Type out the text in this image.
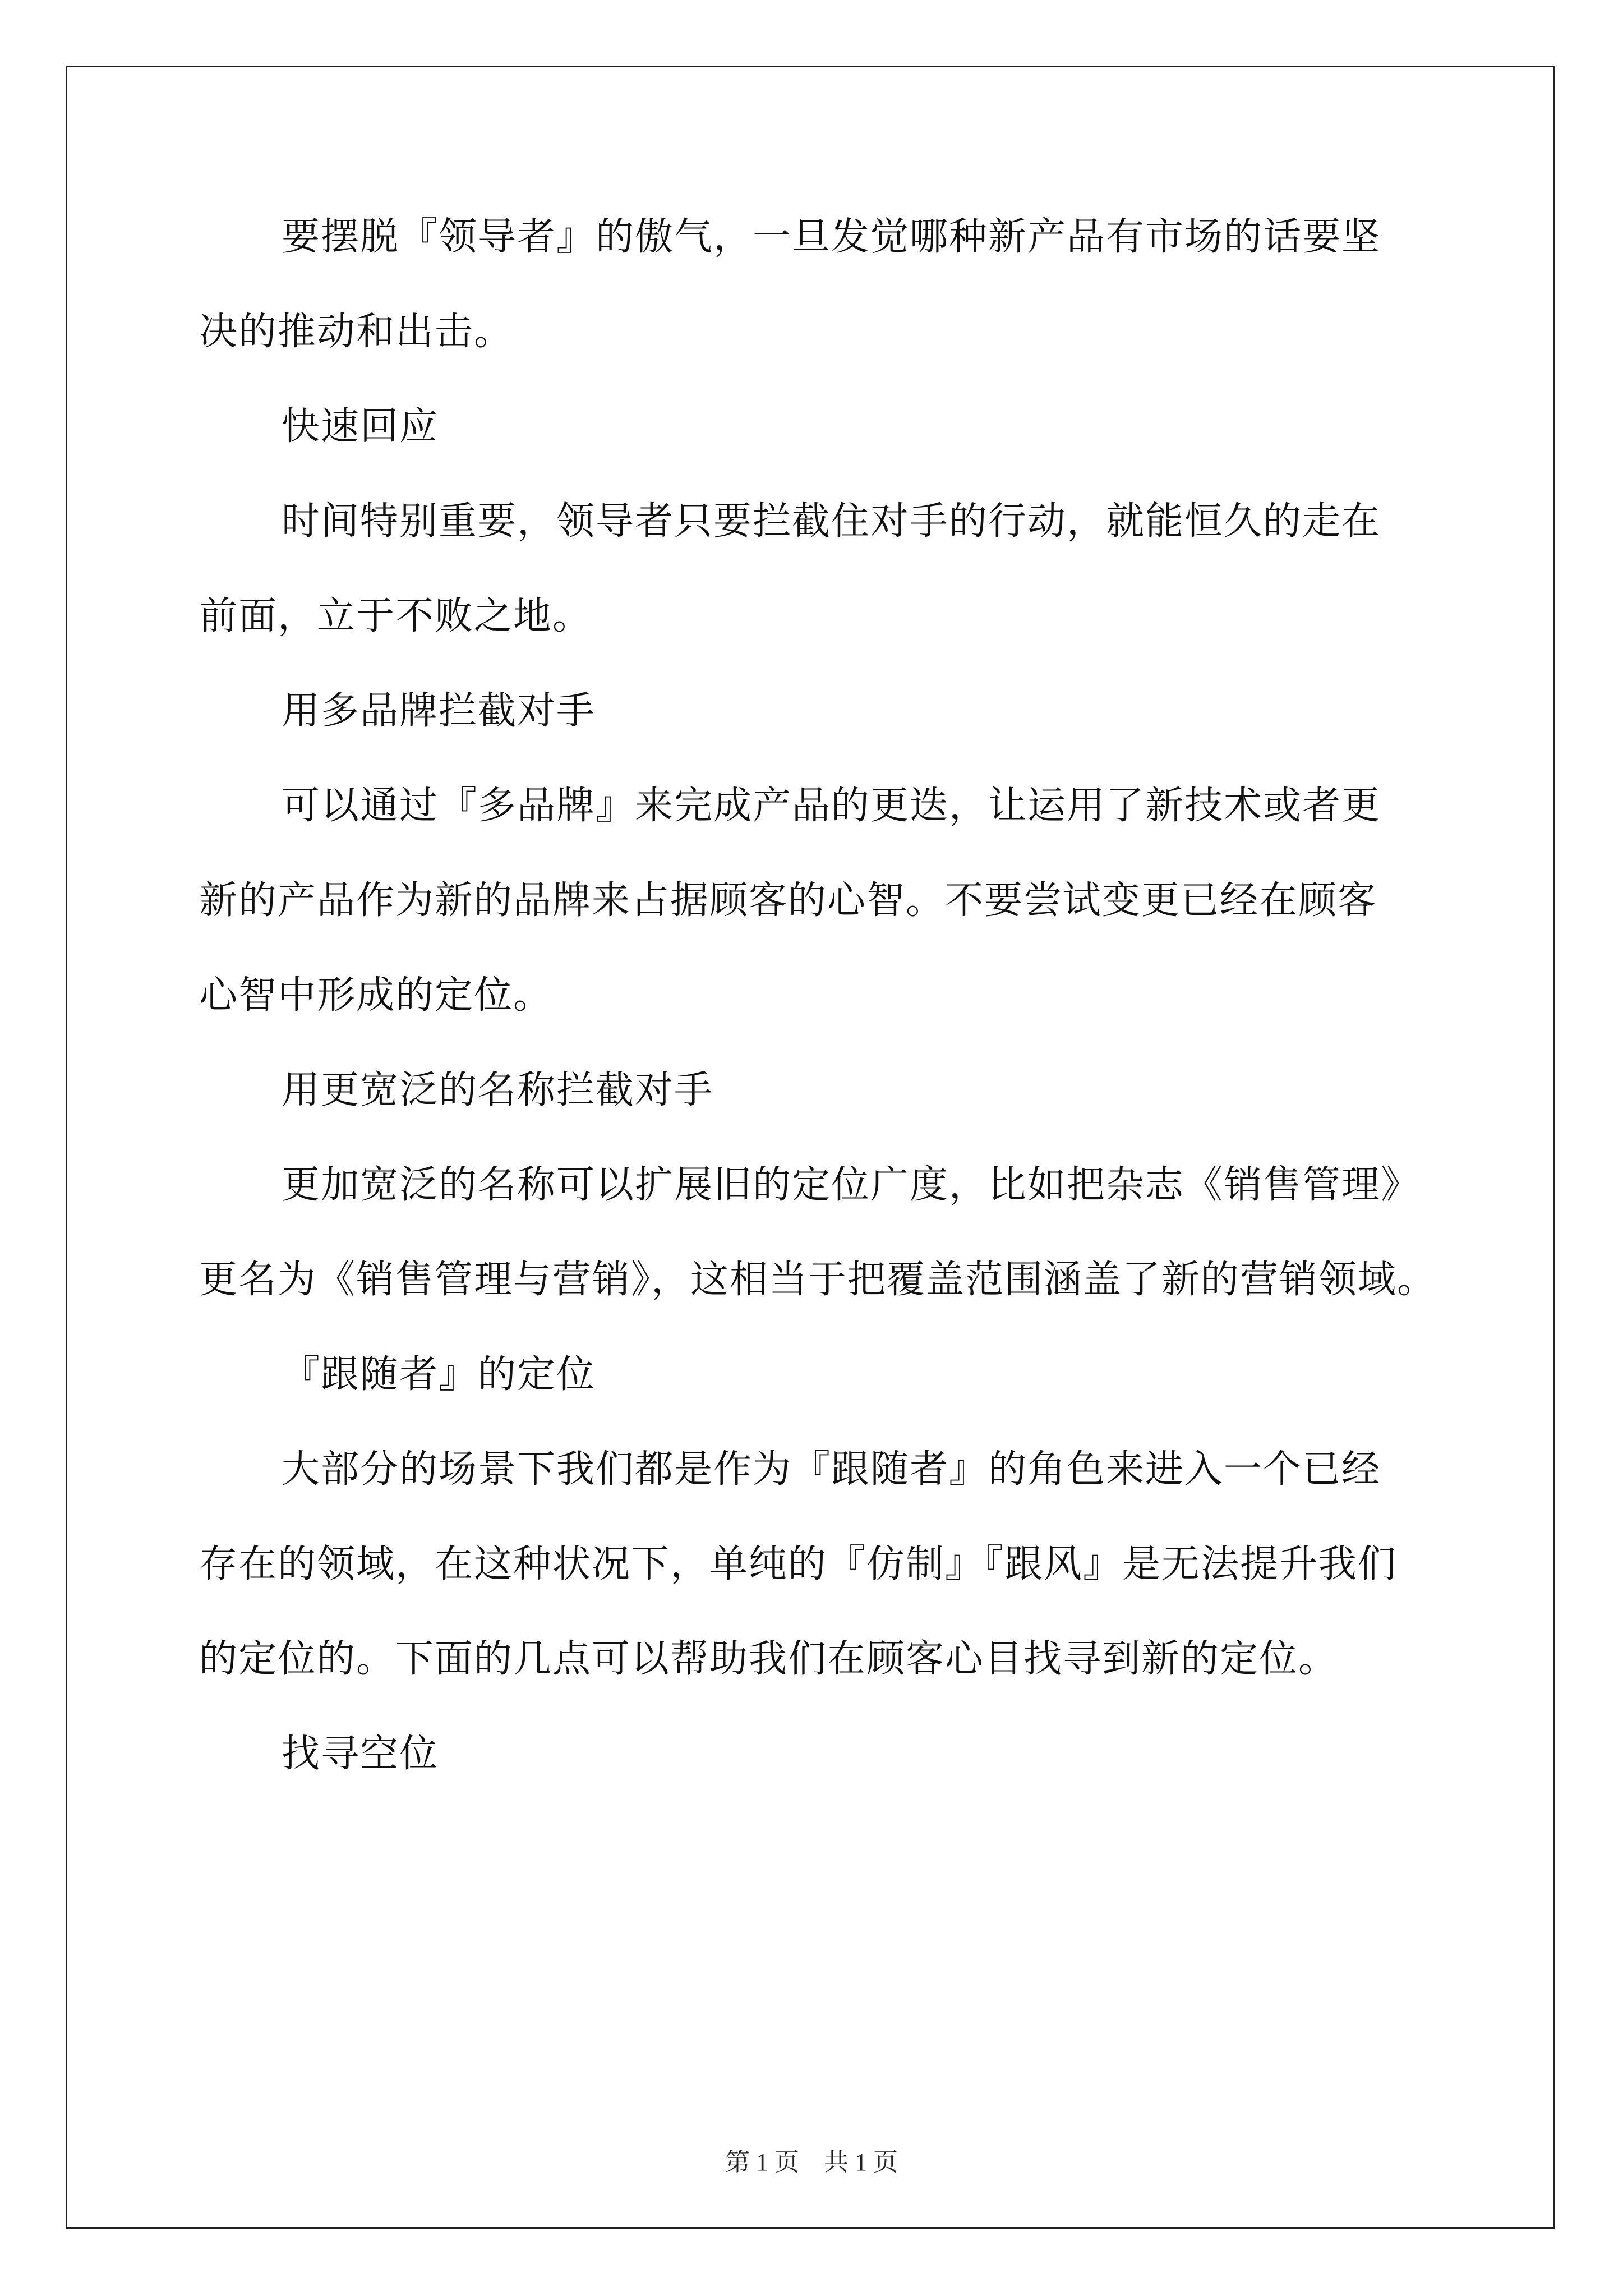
要摆脱『领导者』的傲气，一旦发觉哪种新产品有市场的话要坚
决的推动和出击。
快速回应
时间特别重要，领导者只要拦截住对手的行动，就能恒久的走在
前面，立于不败之地。
用多品牌拦截对手
可以通过『多品牌』来完成产品的更迭，让运用了新技术或者更
新的产品作为新的品牌来占据顾客的心智。不要尝试变更已经在顾客
心智中形成的定位。
用更宽泛的名称拦截对手
更加宽泛的名称可以扩展旧的定位广度，比如把杂志《销售管理》
更名为《销售管理与营销》，这相当于把覆盖范围涵盖了新的营销领域。
『跟随者』的定位
大部分的场景下我们都是作为『跟随者』的角色来进入一个已经
存在的领域，在这种状况下，单纯的『仿制』『跟风』是无法提升我们
的定位的。下面的几点可以帮助我们在顾客心目找寻到新的定位。
找寻空位
第 1 页　共 1 页
